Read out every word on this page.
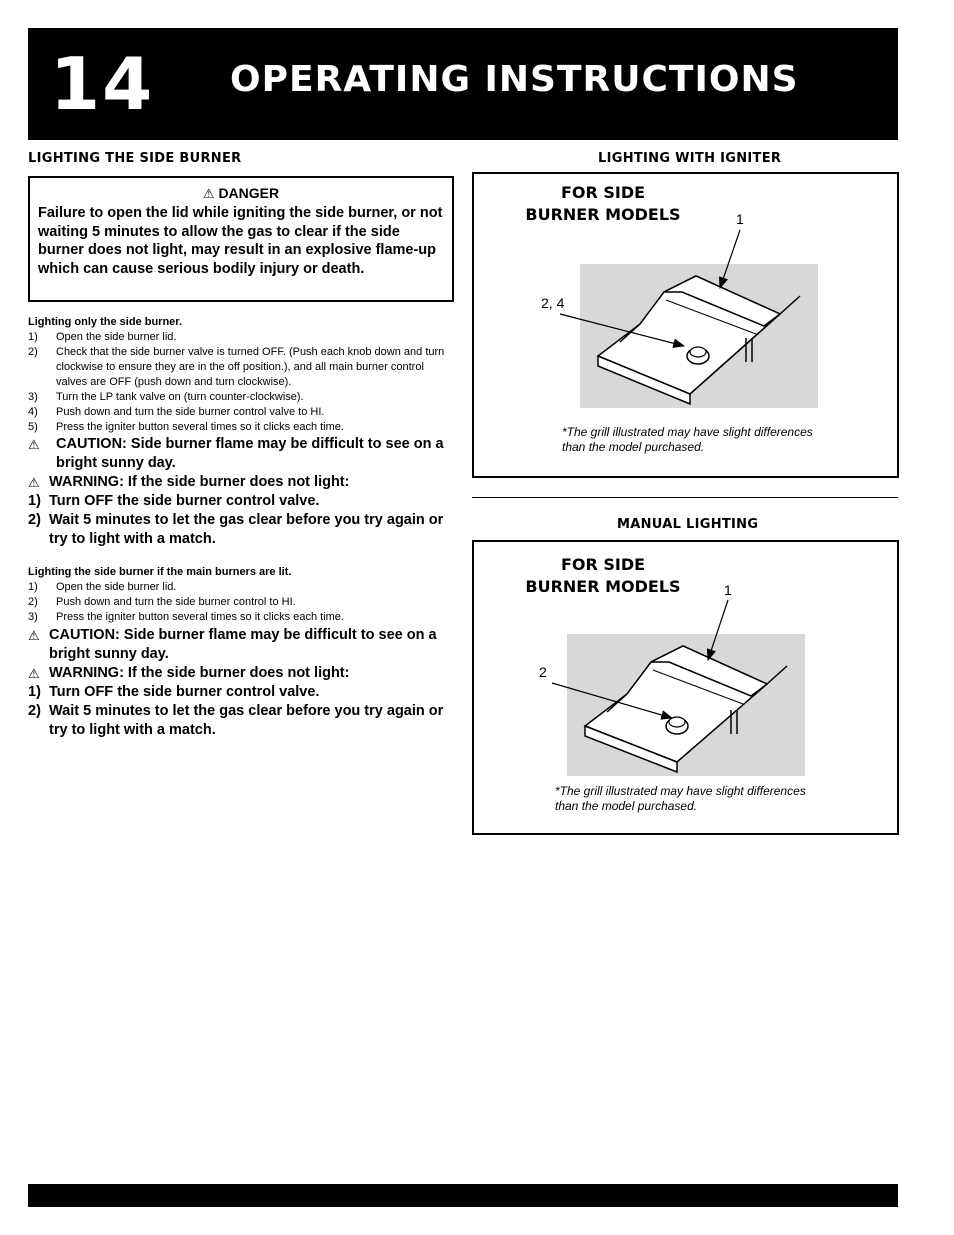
14 OPERATING INSTRUCTIONS
LIGHTING THE SIDE BURNER
⚠ DANGER
Failure to open the lid while igniting the side burner, or not waiting 5 minutes to allow the gas to clear if the side burner does not light, may result in an explosive flame-up which can cause serious bodily injury or death.
Lighting only the side burner.
1) Open the side burner lid.
2) Check that the side burner valve is turned OFF. (Push each knob down and turn clockwise to ensure they are in the off position.), and all main burner control valves are OFF (push down and turn clockwise).
3) Turn the LP tank valve on (turn counter-clockwise).
4) Push down and turn the side burner control valve to HI.
5) Press the igniter button several times so it clicks each time.
⚠ CAUTION: Side burner flame may be difficult to see on a bright sunny day.
⚠ WARNING: If the side burner does not light:
1) Turn OFF the side burner control valve.
2) Wait 5 minutes to let the gas clear before you try again or try to light with a match.
Lighting the side burner if the main burners are lit.
1) Open the side burner lid.
2) Push down and turn the side burner control to HI.
3) Press the igniter button several times so it clicks each time.
⚠ CAUTION: Side burner flame may be difficult to see on a bright sunny day.
⚠ WARNING: If the side burner does not light:
1) Turn OFF the side burner control valve.
2) Wait 5 minutes to let the gas clear before you try again or try to light with a match.
LIGHTING WITH IGNITER
FOR SIDE
BURNER MODELS	1
2, 4
*The grill illustrated may have slight differences
than the model purchased.
MANUAL LIGHTING
FOR SIDE
BURNER MODELS	1
2
*The grill illustrated may have slight differences
than the model purchased.
